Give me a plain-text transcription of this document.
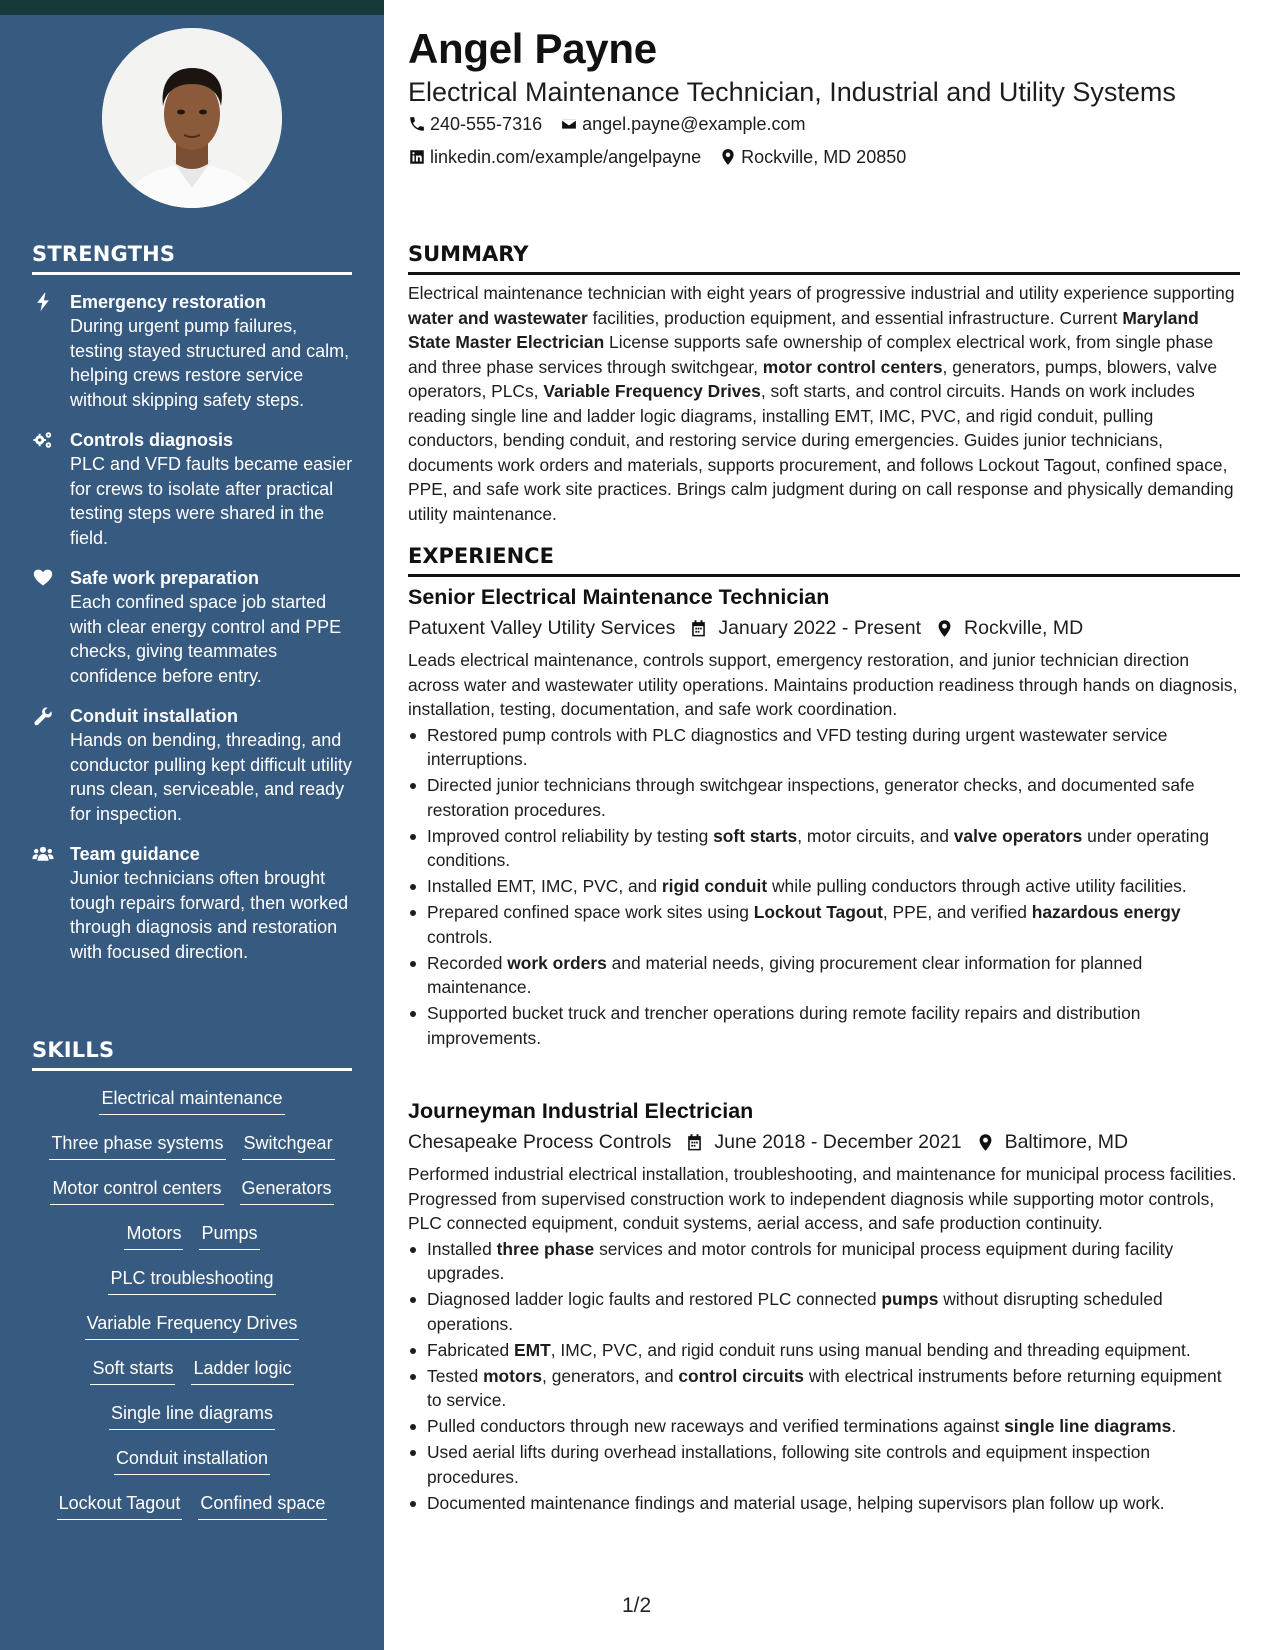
STRENGTHS
Emergency restoration
During urgent pump failures, testing stayed structured and calm, helping crews restore service without skipping safety steps.
Controls diagnosis
PLC and VFD faults became easier for crews to isolate after practical testing steps were shared in the field.
Safe work preparation
Each confined space job started with clear energy control and PPE checks, giving teammates confidence before entry.
Conduit installation
Hands on bending, threading, and conductor pulling kept difficult utility runs clean, serviceable, and ready for inspection.
Team guidance
Junior technicians often brought tough repairs forward, then worked through diagnosis and restoration with focused direction.
SKILLS
Electrical maintenance
Three phase systems Switchgear
Motor control centers Generators
Motors Pumps
PLC troubleshooting
Variable Frequency Drives
Soft starts Ladder logic
Single line diagrams
Conduit installation
Lockout Tagout Confined space
Angel Payne
Electrical Maintenance Technician, Industrial and Utility Systems
240-555-7316 angel.payne@example.com
linkedin.com/example/angelpayne Rockville, MD 20850
SUMMARY
Electrical maintenance technician with eight years of progressive industrial and utility experience supporting water and wastewater facilities, production equipment, and essential infrastructure. Current Maryland State Master Electrician License supports safe ownership of complex electrical work, from single phase and three phase services through switchgear, motor control centers, generators, pumps, blowers, valve operators, PLCs, Variable Frequency Drives, soft starts, and control circuits. Hands on work includes reading single line and ladder logic diagrams, installing EMT, IMC, PVC, and rigid conduit, pulling conductors, bending conduit, and restoring service during emergencies. Guides junior technicians, documents work orders and materials, supports procurement, and follows Lockout Tagout, confined space, PPE, and safe work site practices. Brings calm judgment during on call response and physically demanding utility maintenance.
EXPERIENCE
Senior Electrical Maintenance Technician
Patuxent Valley Utility Services January 2022 - Present Rockville, MD
Leads electrical maintenance, controls support, emergency restoration, and junior technician direction across water and wastewater utility operations. Maintains production readiness through hands on diagnosis, installation, testing, documentation, and safe work coordination.
Restored pump controls with PLC diagnostics and VFD testing during urgent wastewater service interruptions.
Directed junior technicians through switchgear inspections, generator checks, and documented safe restoration procedures.
Improved control reliability by testing soft starts, motor circuits, and valve operators under operating conditions.
Installed EMT, IMC, PVC, and rigid conduit while pulling conductors through active utility facilities.
Prepared confined space work sites using Lockout Tagout, PPE, and verified hazardous energy controls.
Recorded work orders and material needs, giving procurement clear information for planned maintenance.
Supported bucket truck and trencher operations during remote facility repairs and distribution improvements.
Journeyman Industrial Electrician
Chesapeake Process Controls June 2018 - December 2021 Baltimore, MD
Performed industrial electrical installation, troubleshooting, and maintenance for municipal process facilities. Progressed from supervised construction work to independent diagnosis while supporting motor controls, PLC connected equipment, conduit systems, aerial access, and safe production continuity.
Installed three phase services and motor controls for municipal process equipment during facility upgrades.
Diagnosed ladder logic faults and restored PLC connected pumps without disrupting scheduled operations.
Fabricated EMT, IMC, PVC, and rigid conduit runs using manual bending and threading equipment.
Tested motors, generators, and control circuits with electrical instruments before returning equipment to service.
Pulled conductors through new raceways and verified terminations against single line diagrams.
Used aerial lifts during overhead installations, following site controls and equipment inspection procedures.
Documented maintenance findings and material usage, helping supervisors plan follow up work.
1/2
